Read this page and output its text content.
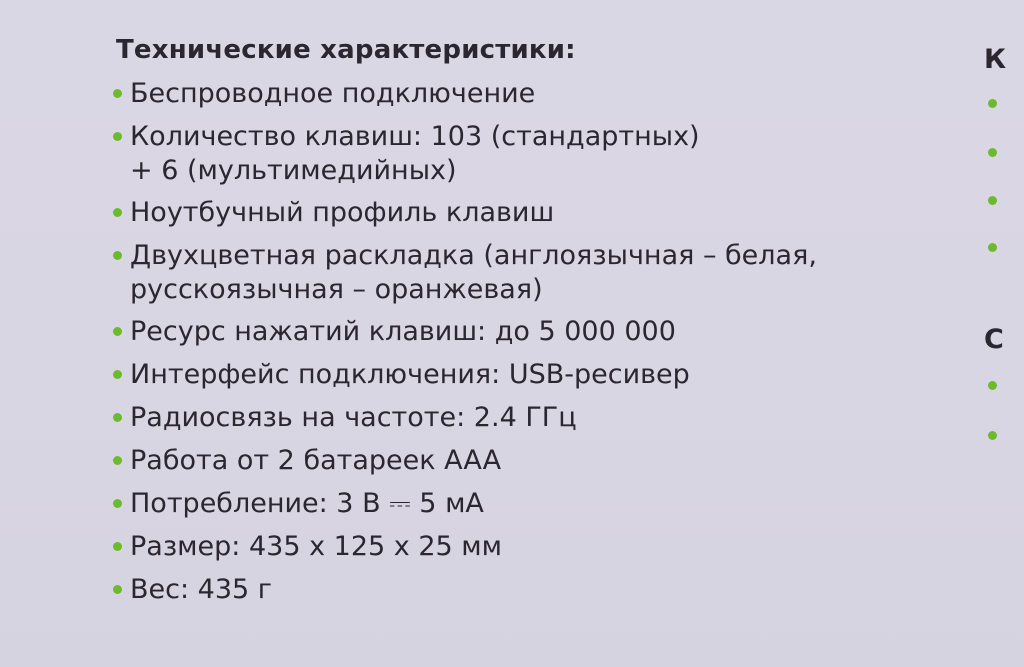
Технические характеристики:
Беспроводное подключение
Количество клавиш: 103 (стандартных)
+ 6 (мультимедийных)
Ноутбучный профиль клавиш
Двухцветная раскладка (англоязычная – белая,
русскоязычная – оранжевая)
Ресурс нажатий клавиш: до 5 000 000
Интерфейс подключения: USB-ресивер
Радиосвязь на частоте: 2.4 ГГц
Работа от 2 батареек AAA
Потребление: 3 В ⎓ 5 мА
Размер: 435 x 125 x 25 мм
Вес: 435 г
К
С
